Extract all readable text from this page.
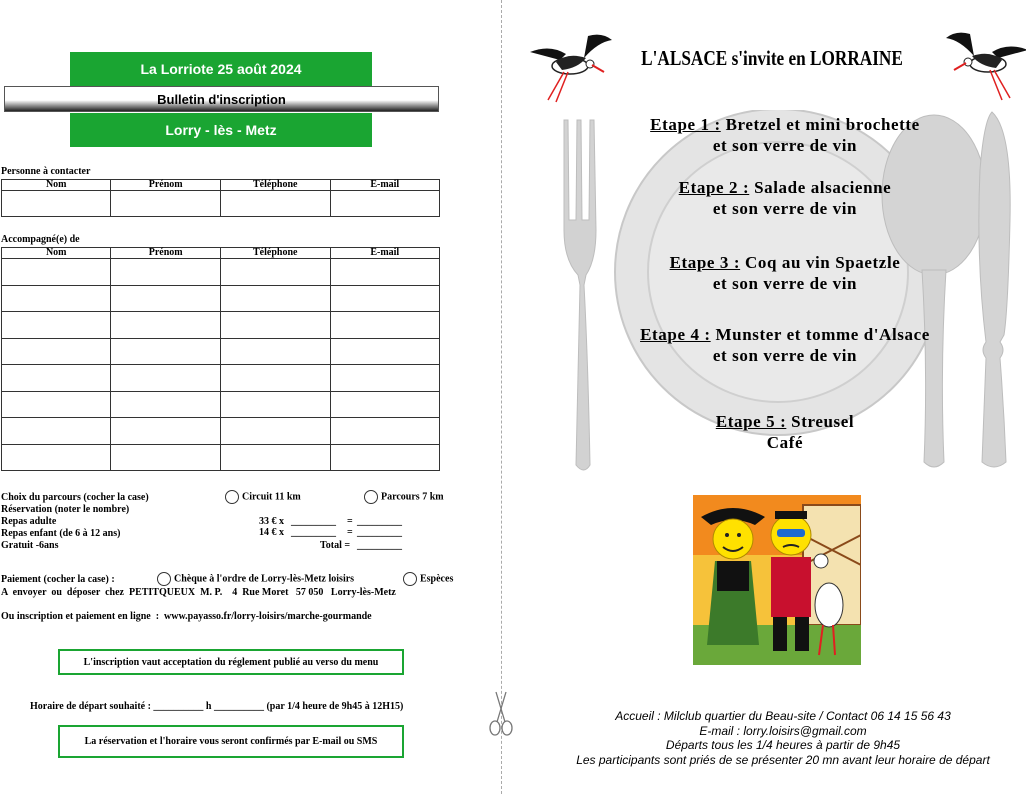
La Lorriote 25 août 2024
Bulletin d'inscription
Lorry - lès - Metz
Personne à contacter
Nom	Prénom	Téléphone	E-mail

Accompagné(e) de
Nom	Prénom	Téléphone	E-mail

Choix du parcours (cocher la case)	Circuit 11 km	Parcours 7 km
Réservation (noter le nombre)
Repas adulte	33 € x _________ = _________
Repas enfant (de 6 à 12 ans)	14 € x _________ = _________
Gratuit -6ans	Total = _________
Paiement (cocher la case) :	Chèque à l'ordre de Lorry-lès-Metz loisirs	Espèces
A  envoyer  ou  déposer  chez  PETITQUEUX  M. P.    4  Rue Moret   57 050   Lorry-lès-Metz
Ou inscription et paiement en ligne  :  www.payasso.fr/lorry-loisirs/marche-gourmande
L'inscription vaut acceptation du réglement publié au verso du menu
Horaire de départ souhaité : __________ h __________ (par 1/4 heure de 9h45 à 12H15)
La réservation et l'horaire vous seront confirmés par E-mail ou SMS
L'ALSACE s'invite en LORRAINE
Etape 1 : Bretzel et mini brochette
et son verre de vin
Etape 2 : Salade alsacienne
et son verre de vin
Etape 3 : Coq au vin Spaetzle
et son verre de vin
Etape 4 : Munster et tomme d'Alsace
et son verre de vin
Etape 5 : Streusel
Café
Accueil : Milclub quartier du Beau-site / Contact 06 14 15 56 43
E-mail : lorry.loisirs@gmail.com
Départs tous les 1/4 heures à partir de 9h45
Les participants sont priés de se présenter 20 mn avant leur horaire de départ
